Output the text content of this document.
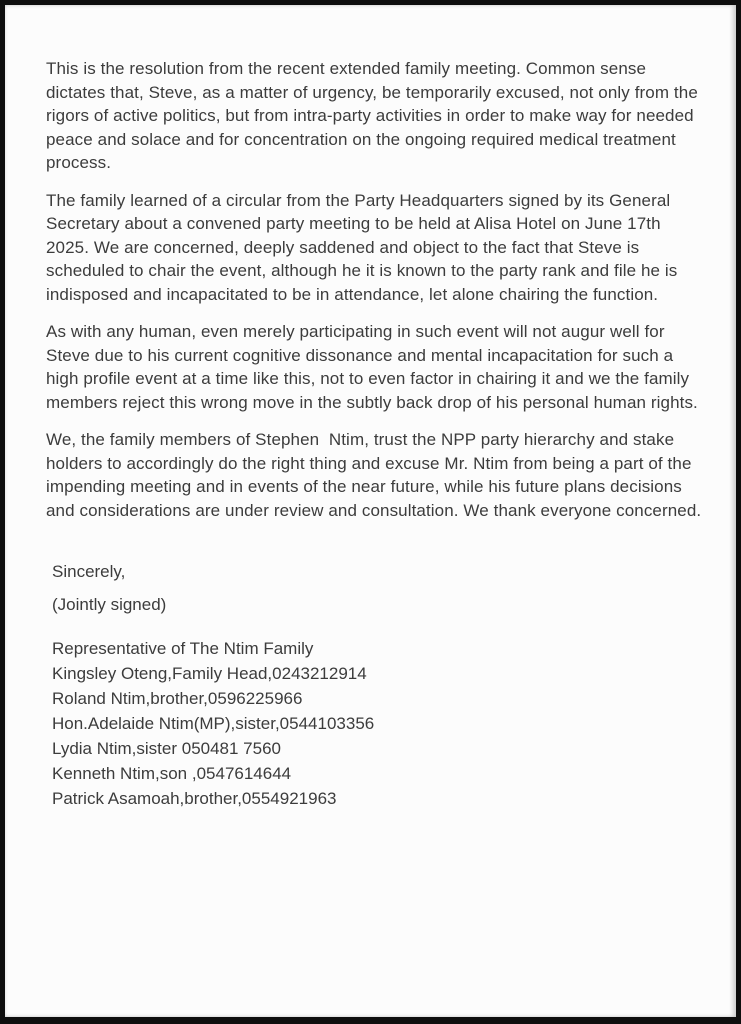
This is the resolution from the recent extended family meeting. Common sense dictates that, Steve, as a matter of urgency, be temporarily excused, not only from the rigors of active politics, but from intra-party activities in order to make way for needed peace and solace and for concentration on the ongoing required medical treatment process.

The family learned of a circular from the Party Headquarters signed by its General Secretary about a convened party meeting to be held at Alisa Hotel on June 17th 2025. We are concerned, deeply saddened and object to the fact that Steve is scheduled to chair the event, although he it is known to the party rank and file he is indisposed and incapacitated to be in attendance, let alone chairing the function.

As with any human, even merely participating in such event will not augur well for Steve due to his current cognitive dissonance and mental incapacitation for such a high profile event at a time like this, not to even factor in chairing it and we the family members reject this wrong move in the subtly back drop of his personal human rights.

We, the family members of Stephen  Ntim, trust the NPP party hierarchy and stake holders to accordingly do the right thing and excuse Mr. Ntim from being a part of the impending meeting and in events of the near future, while his future plans decisions and considerations are under review and consultation. We thank everyone concerned.

Sincerely,

(Jointly signed)

Representative of The Ntim Family

Kingsley Oteng,Family Head,0243212914

Roland Ntim,brother,0596225966

Hon.Adelaide Ntim(MP),sister,0544103356

Lydia Ntim,sister 050481 7560

Kenneth Ntim,son ,0547614644

Patrick Asamoah,brother,0554921963
